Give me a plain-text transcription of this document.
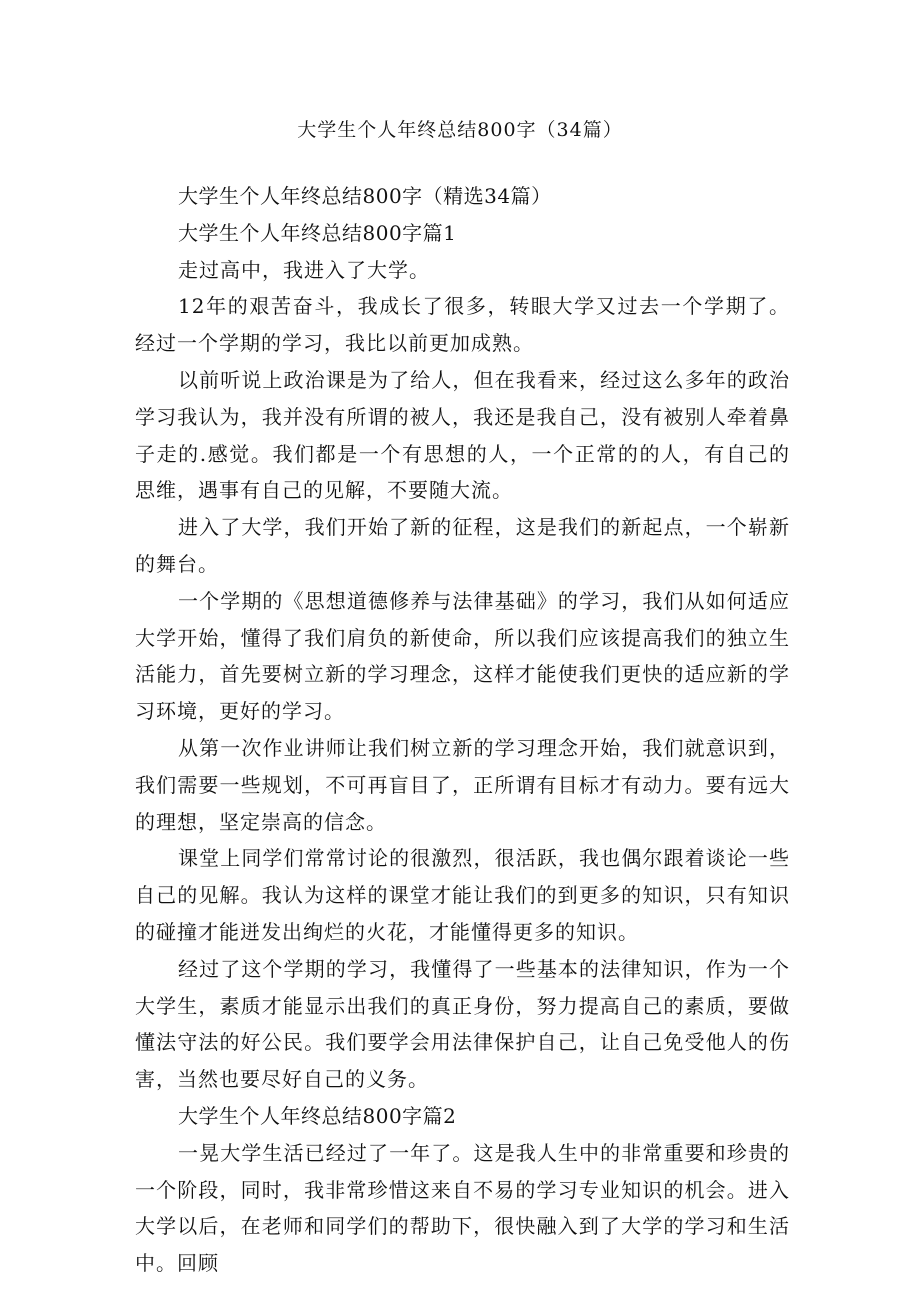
大学生个人年终总结800字（34篇）

大学生个人年终总结800字（精选34篇）

大学生个人年终总结800字篇1

走过高中，我进入了大学。

12年的艰苦奋斗，我成长了很多，转眼大学又过去一个学期了。经过一个学期的学习，我比以前更加成熟。

以前听说上政治课是为了给人，但在我看来，经过这么多年的政治学习我认为，我并没有所谓的被人，我还是我自己，没有被别人牵着鼻子走的.感觉。我们都是一个有思想的人，一个正常的的人，有自己的思维，遇事有自己的见解，不要随大流。

进入了大学，我们开始了新的征程，这是我们的新起点，一个崭新的舞台。

一个学期的《思想道德修养与法律基础》的学习，我们从如何适应大学开始，懂得了我们肩负的新使命，所以我们应该提高我们的独立生活能力，首先要树立新的学习理念，这样才能使我们更快的适应新的学习环境，更好的学习。

从第一次作业讲师让我们树立新的学习理念开始，我们就意识到，我们需要一些规划，不可再盲目了，正所谓有目标才有动力。要有远大的理想，坚定崇高的信念。

课堂上同学们常常讨论的很激烈，很活跃，我也偶尔跟着谈论一些自己的见解。我认为这样的课堂才能让我们的到更多的知识，只有知识的碰撞才能迸发出绚烂的火花，才能懂得更多的知识。

经过了这个学期的学习，我懂得了一些基本的法律知识，作为一个大学生，素质才能显示出我们的真正身份，努力提高自己的素质，要做懂法守法的好公民。我们要学会用法律保护自己，让自己免受他人的伤害，当然也要尽好自己的义务。

大学生个人年终总结800字篇2

一晃大学生活已经过了一年了。这是我人生中的非常重要和珍贵的一个阶段，同时，我非常珍惜这来自不易的学习专业知识的机会。进入大学以后，在老师和同学们的帮助下，很快融入到了大学的学习和生活中。回顾
